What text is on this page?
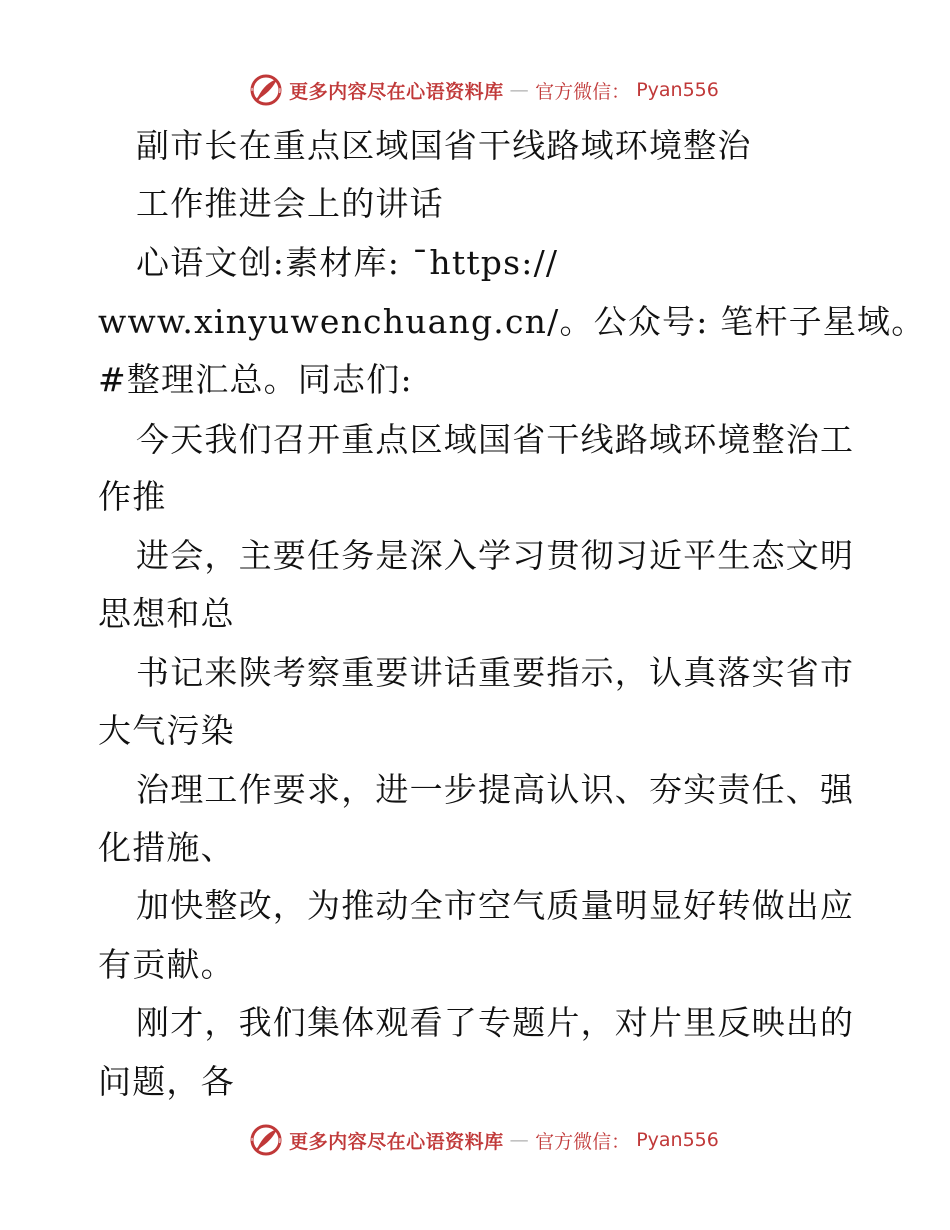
更多内容尽在心语资料库 — 官方微信： Pyan556
副市长在重点区域国省干线路域环境整治
工作推进会上的讲话
心语文创:素材库: ¯https://
www.xinyuwenchuang.cn/。公众号: 笔杆子星域。
#整理汇总。同志们:
今天我们召开重点区域国省干线路域环境整治工
作推
进会，主要任务是深入学习贯彻习近平生态文明
思想和总
书记来陕考察重要讲话重要指示，认真落实省市
大气污染
治理工作要求，进一步提高认识、夯实责任、强
化措施、
加快整改，为推动全市空气质量明显好转做出应
有贡献。
刚才，我们集体观看了专题片，对片里反映出的
问题，各
更多内容尽在心语资料库 — 官方微信： Pyan556
